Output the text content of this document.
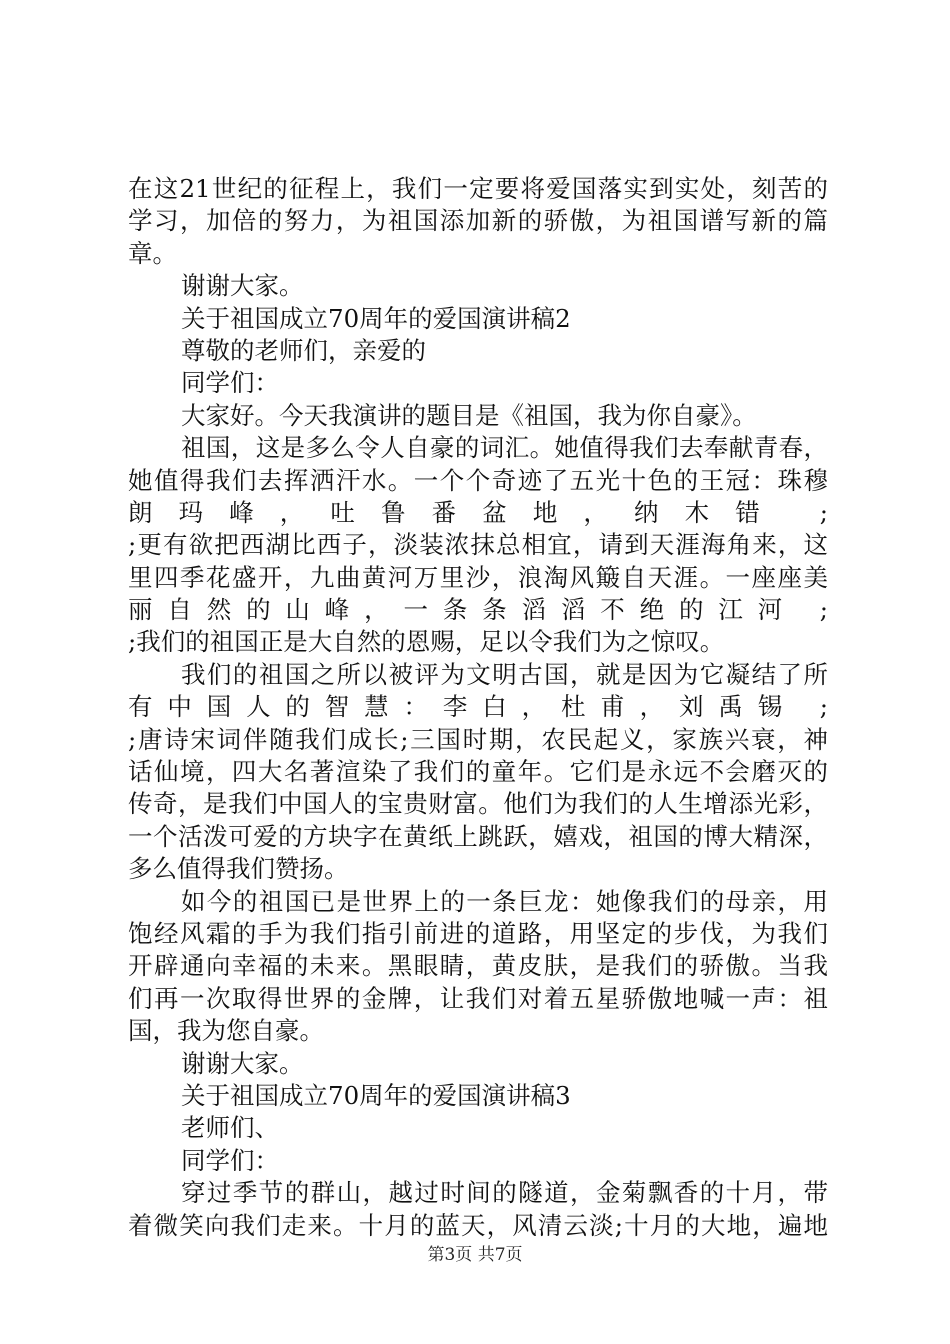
在这21世纪的征程上，我们一定要将爱国落实到实处，刻苦的
学习，加倍的努力，为祖国添加新的骄傲，为祖国谱写新的篇
章。
谢谢大家。
关于祖国成立70周年的爱国演讲稿2
尊敬的老师们，亲爱的
同学们：
大家好。今天我演讲的题目是《祖国，我为你自豪》。
祖国，这是多么令人自豪的词汇。她值得我们去奉献青春，
她值得我们去挥洒汗水。一个个奇迹了五光十色的王冠：珠穆
朗玛峰，吐鲁番盆地，纳木错 ;
;更有欲把西湖比西子，淡装浓抹总相宜，请到天涯海角来，这
里四季花盛开，九曲黄河万里沙，浪淘风簸自天涯。一座座美
丽自然的山峰，一条条滔滔不绝的江河 ;
;我们的祖国正是大自然的恩赐，足以令我们为之惊叹。
我们的祖国之所以被评为文明古国，就是因为它凝结了所
有中国人的智慧：李白，杜甫，刘禹锡 ;
;唐诗宋词伴随我们成长;三国时期，农民起义，家族兴衰，神
话仙境，四大名著渲染了我们的童年。它们是永远不会磨灭的
传奇，是我们中国人的宝贵财富。他们为我们的人生增添光彩，
一个活泼可爱的方块字在黄纸上跳跃，嬉戏，祖国的博大精深，
多么值得我们赞扬。
如今的祖国已是世界上的一条巨龙：她像我们的母亲，用
饱经风霜的手为我们指引前进的道路，用坚定的步伐，为我们
开辟通向幸福的未来。黑眼睛，黄皮肤，是我们的骄傲。当我
们再一次取得世界的金牌，让我们对着五星骄傲地喊一声：祖
国，我为您自豪。
谢谢大家。
关于祖国成立70周年的爱国演讲稿3
老师们、
同学们：
穿过季节的群山，越过时间的隧道，金菊飘香的十月，带
着微笑向我们走来。十月的蓝天，风清云淡;十月的大地，遍地
第3页 共7页
